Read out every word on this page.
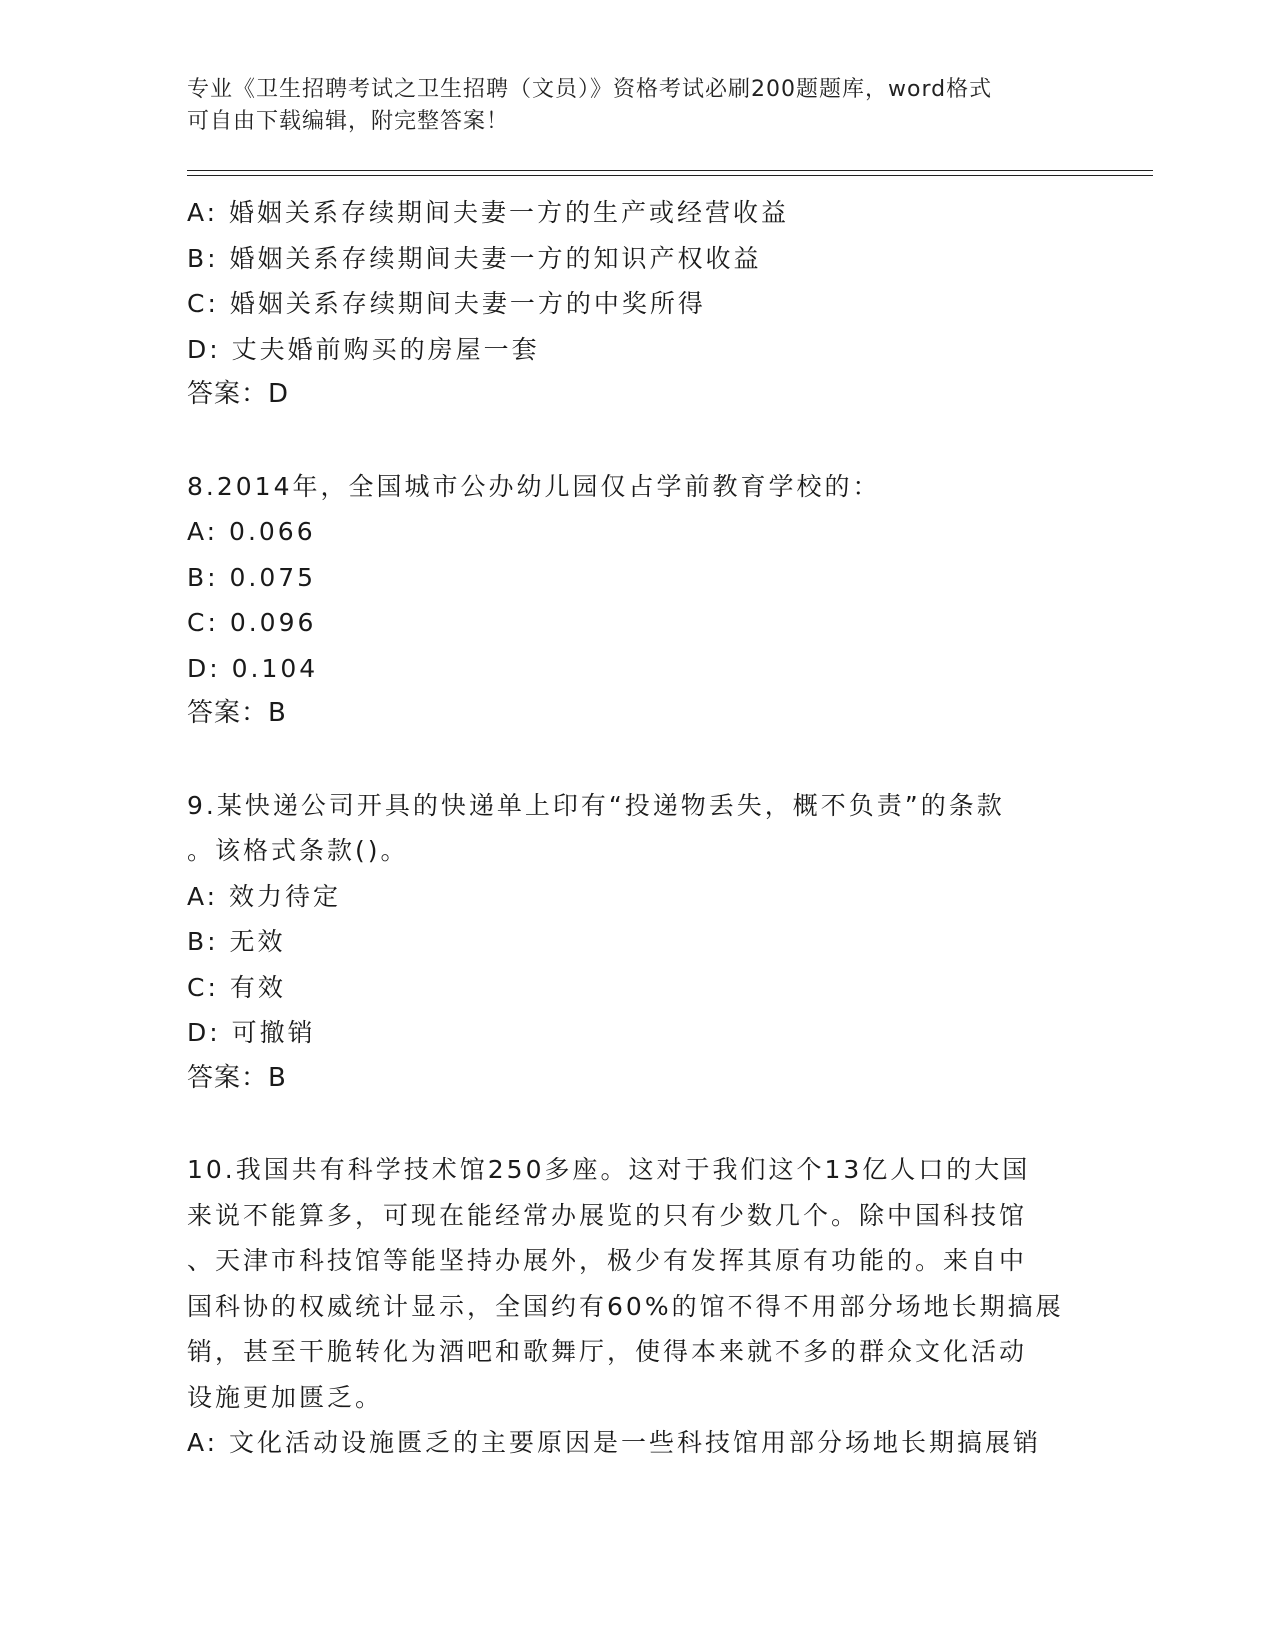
专业《卫生招聘考试之卫生招聘（文员）》资格考试必刷200题题库，word格式
可自由下载编辑，附完整答案！
A: 婚姻关系存续期间夫妻一方的生产或经营收益
B: 婚姻关系存续期间夫妻一方的知识产权收益
C: 婚姻关系存续期间夫妻一方的中奖所得
D: 丈夫婚前购买的房屋一套
答案：D
8.2014年，全国城市公办幼儿园仅占学前教育学校的：
A: 0.066
B: 0.075
C: 0.096
D: 0.104
答案：B
9.某快递公司开具的快递单上印有“投递物丢失，概不负责”的条款
。该格式条款()。
A: 效力待定
B: 无效
C: 有效
D: 可撤销
答案：B
10.我国共有科学技术馆250多座。这对于我们这个13亿人口的大国
来说不能算多，可现在能经常办展览的只有少数几个。除中国科技馆
、天津市科技馆等能坚持办展外，极少有发挥其原有功能的。来自中
国科协的权威统计显示，全国约有60%的馆不得不用部分场地长期搞展
销，甚至干脆转化为酒吧和歌舞厅，使得本来就不多的群众文化活动
设施更加匮乏。
A: 文化活动设施匮乏的主要原因是一些科技馆用部分场地长期搞展销
